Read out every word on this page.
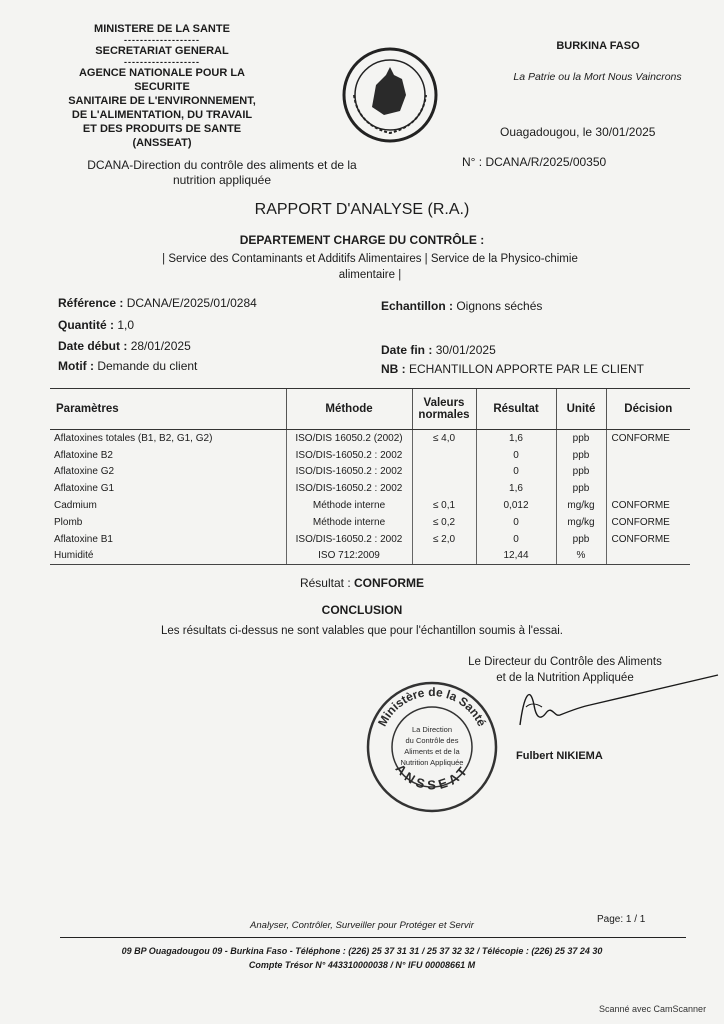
MINISTERE DE LA SANTE
-------------------
SECRETARIAT GENERAL
-------------------
AGENCE NATIONALE POUR LA SECURITE
SANITAIRE DE L'ENVIRONNEMENT,
DE L'ALIMENTATION, DU TRAVAIL
ET DES PRODUITS DE SANTE
(ANSSEAT)
BURKINA FASO
La Patrie ou la Mort Nous Vaincrons
Ouagadougou, le 30/01/2025
DCANA-Direction du contrôle des aliments et de la
nutrition appliquée
N° : DCANA/R/2025/00350
RAPPORT D'ANALYSE (R.A.)
DEPARTEMENT CHARGE DU CONTRÔLE :
| Service des Contaminants et Additifs Alimentaires | Service de la Physico-chimie
alimentaire |
Référence : DCANA/E/2025/01/0284	Echantillon : Oignons séchés
Quantité : 1,0
Date début : 28/01/2025	Date fin : 30/01/2025
Motif : Demande du client	NB : ECHANTILLON APPORTE PAR LE CLIENT
Paramètres	Méthode	Valeurs normales	Résultat	Unité	Décision
Aflatoxines totales (B1, B2, G1, G2)	ISO/DIS 16050.2 (2002)	≤ 4,0	1,6	ppb	CONFORME
Aflatoxine B2	ISO/DIS-16050.2 : 2002		0	ppb	
Aflatoxine G2	ISO/DIS-16050.2 : 2002		0	ppb	
Aflatoxine G1	ISO/DIS-16050.2 : 2002		1,6	ppb	
Cadmium	Méthode interne	≤ 0,1	0,012	mg/kg	CONFORME
Plomb	Méthode interne	≤ 0,2	0	mg/kg	CONFORME
Aflatoxine B1	ISO/DIS-16050.2 : 2002	≤ 2,0	0	ppb	CONFORME
Humidité	ISO 712:2009		12,44	%	
Résultat : CONFORME
CONCLUSION
Les résultats ci-dessus ne sont valables que pour l'échantillon soumis à l'essai.
Le Directeur du Contrôle des Aliments
et de la Nutrition Appliquée
Ministère de la Santé
ANSSEAT
La Direction
du Contrôle des
Aliments et de la
Nutrition Appliquée
Fulbert NIKIEMA
Analyser, Contrôler, Surveiller pour Protéger et Servir
Page: 1 / 1
09 BP Ouagadougou 09 - Burkina Faso - Téléphone : (226) 25 37 31 31 / 25 37 32 32 / Télécopie : (226) 25 37 24 30
Compte Trésor N° 443310000038 / N° IFU 00008661 M
Scanné avec CamScanner
